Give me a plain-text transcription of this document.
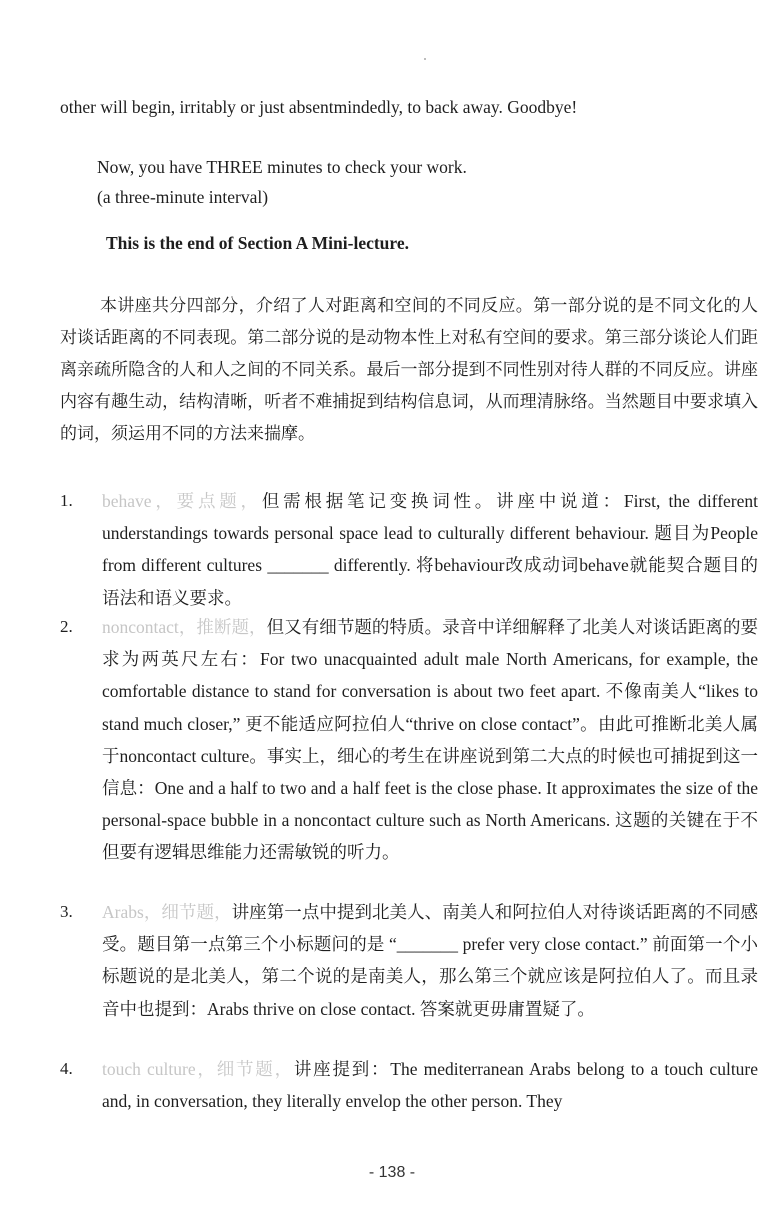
other will begin, irritably or just absentmindedly, to back away. Goodbye!
Now, you have THREE minutes to check your work.
(a three-minute interval)
This is the end of Section A Mini-lecture.
本讲座共分四部分，介绍了人对距离和空间的不同反应。第一部分说的是不同文化的人对谈话距离的不同表现。第二部分说的是动物本性上对私有空间的要求。第三部分谈论人们距离亲疏所隐含的人和人之间的不同关系。最后一部分提到不同性别对待人群的不同反应。讲座内容有趣生动，结构清晰，听者不难捕捉到结构信息词，从而理清脉络。当然题目中要求填入的词，须运用不同的方法来揣摩。
1. behave，要点题，但需根据笔记变换词性。讲座中说道：First, the different understandings towards personal space lead to culturally different behaviour. 题目为People from different cultures _______ differently. 将behaviour改成动词behave就能契合题目的语法和语义要求。
2. noncontact，推断题，但又有细节题的特质。录音中详细解释了北美人对谈话距离的要求为两英尺左右：For two unacquainted adult male North Americans, for example, the comfortable distance to stand for conversation is about two feet apart. 不像南美人“likes to stand much closer,” 更不能适应阿拉伯人“thrive on close contact”。由此可推断北美人属于noncontact culture。事实上，细心的考生在讲座说到第二大点的时候也可捕捉到这一信息：One and a half to two and a half feet is the close phase. It approximates the size of the personal-space bubble in a noncontact culture such as North Americans. 这题的关键在于不但要有逻辑思维能力还需敏锐的听力。
3. Arabs，细节题，讲座第一点中提到北美人、南美人和阿拉伯人对待谈话距离的不同感受。题目第一点第三个小标题问的是 “_______ prefer very close contact.” 前面第一个小标题说的是北美人，第二个说的是南美人，那么第三个就应该是阿拉伯人了。而且录音中也提到：Arabs thrive on close contact. 答案就更毋庸置疑了。
4. touch culture，细节题，讲座提到：The mediterranean Arabs belong to a touch culture and, in conversation, they literally envelop the other person. They
- 138 -
